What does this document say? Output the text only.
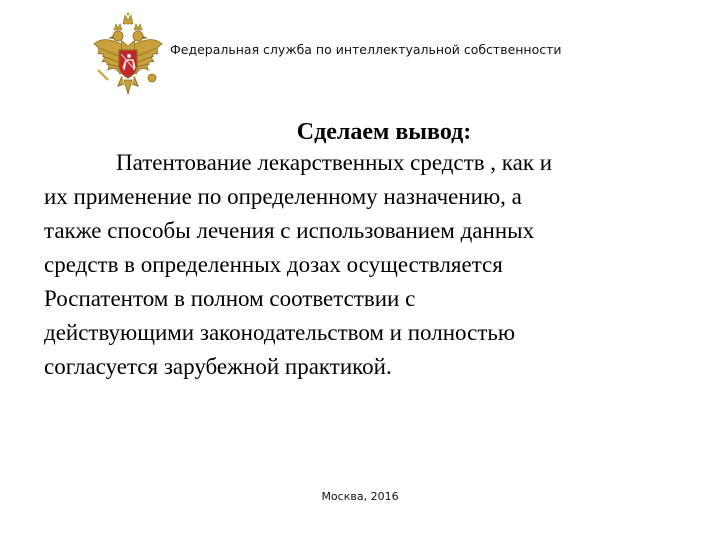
Федеральная служба по интеллектуальной собственности

Сделаем вывод:

Патентование лекарственных средств , как и
их применение по определенному назначению, а
также способы лечения с использованием данных
средств в определенных дозах осуществляется
Роспатентом в полном соответствии с
действующими законодательством и полностью
согласуется зарубежной практикой.

Москва, 2016
